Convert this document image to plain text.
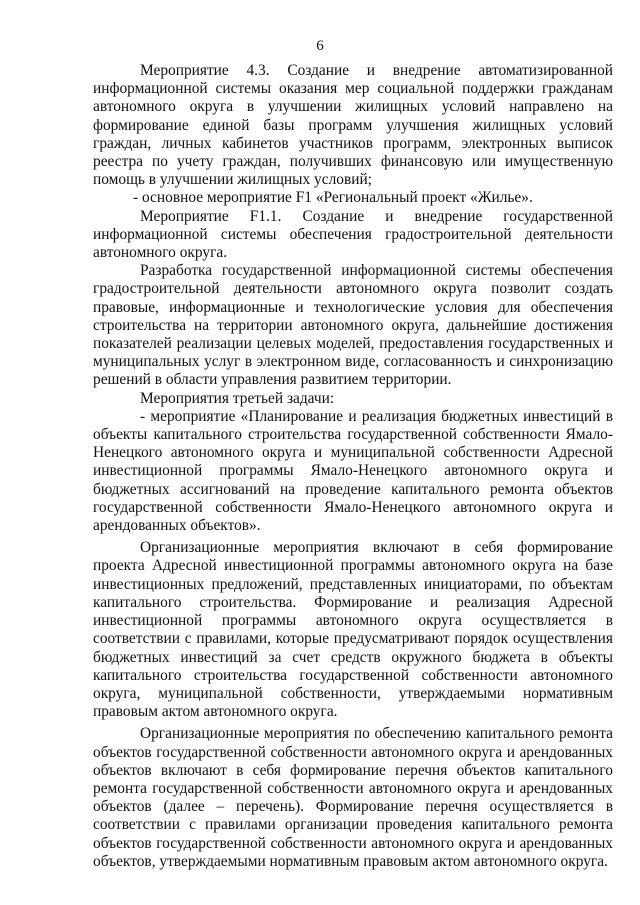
6

Мероприятие 4.3. Создание и внедрение автоматизированной информационной системы оказания мер социальной поддержки гражданам автономного округа в улучшении жилищных условий направлено на формирование единой базы программ улучшения жилищных условий граждан, личных кабинетов участников программ, электронных выписок реестра по учету граждан, получивших финансовую или имущественную помощь в улучшении жилищных условий;

- основное мероприятие F1 «Региональный проект «Жилье».

Мероприятие F1.1. Создание и внедрение государственной информационной системы обеспечения градостроительной деятельности автономного округа.

Разработка государственной информационной системы обеспечения градостроительной деятельности автономного округа позволит создать правовые, информационные и технологические условия для обеспечения строительства на территории автономного округа, дальнейшие достижения показателей реализации целевых моделей, предоставления государственных и муниципальных услуг в электронном виде, согласованность и синхронизацию решений в области управления развитием территории.

Мероприятия третьей задачи:

- мероприятие «Планирование и реализация бюджетных инвестиций в объекты капитального строительства государственной собственности Ямало-Ненецкого автономного округа и муниципальной собственности Адресной инвестиционной программы Ямало-Ненецкого автономного округа и бюджетных ассигнований на проведение капитального ремонта объектов государственной собственности Ямало-Ненецкого автономного округа и арендованных объектов».

Организационные мероприятия включают в себя формирование проекта Адресной инвестиционной программы автономного округа на базе инвестиционных предложений, представленных инициаторами, по объектам капитального строительства. Формирование и реализация Адресной инвестиционной программы автономного округа осуществляется в соответствии с правилами, которые предусматривают порядок осуществления бюджетных инвестиций за счет средств окружного бюджета в объекты капитального строительства государственной собственности автономного округа, муниципальной собственности, утверждаемыми нормативным правовым актом автономного округа.

Организационные мероприятия по обеспечению капитального ремонта объектов государственной собственности автономного округа и арендованных объектов включают в себя формирование перечня объектов капитального ремонта государственной собственности автономного округа и арендованных объектов (далее – перечень). Формирование перечня осуществляется в соответствии с правилами организации проведения капитального ремонта объектов государственной собственности автономного округа и арендованных объектов, утверждаемыми нормативным правовым актом автономного округа.
